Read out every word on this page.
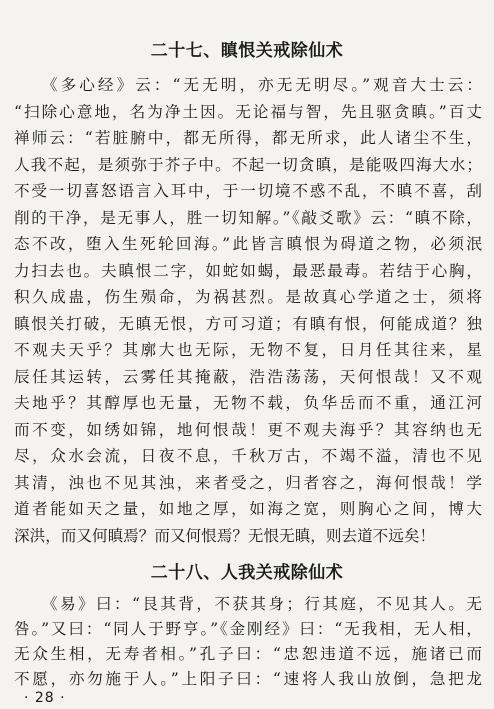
二十七、瞋恨关戒除仙术
《多心经》云：“无无明，亦无无明尽。”观音大士云：
“扫除心意地，名为净土因。无论福与智，先且驱贪瞋。”百丈
禅师云：“若脏腑中，都无所得，都无所求，此人诸尘不生，
人我不起，是须弥于芥子中。不起一切贪瞋，是能吸四海大水；
不受一切喜怒语言入耳中，于一切境不惑不乱，不瞋不喜，刮
削的干净，是无事人，胜一切知解。”《敲爻歌》云：“瞋不除，
态不改，堕入生死轮回海。”此皆言瞋恨为碍道之物，必须泯
力扫去也。夫瞋恨二字，如蛇如蝎，最恶最毒。若结于心胸，
积久成蛊，伤生殒命，为祸甚烈。是故真心学道之士，须将
瞋恨关打破，无瞋无恨，方可习道；有瞋有恨，何能成道？独
不观夫天乎？其廓大也无际，无物不复，日月任其往来，星
辰任其运转，云雾任其掩蔽，浩浩荡荡，天何恨哉！又不观
夫地乎？其醇厚也无量，无物不载，负华岳而不重，通江河
而不变，如绣如锦，地何恨哉！更不观夫海乎？其容纳也无
尽，众水会流，日夜不息，千秋万古，不竭不溢，清也不见
其清，浊也不见其浊，来者受之，归者容之，海何恨哉！学
道者能如天之量，如地之厚，如海之宽，则胸心之间，博大
深洪，而又何瞋焉？而又何恨焉？无恨无瞋，则去道不远矣！
二十八、人我关戒除仙术
《易》曰：“艮其背，不获其身；行其庭，不见其人。无
咎。”又曰：“同人于野亨。”《金刚经》曰：“无我相，无人相，
无众生相，无寿者相。”孔子曰：“忠恕违道不远，施诸已而
不愿，亦勿施于人。”上阳子曰：“速将人我山放倒，急把龙
· 28 ·
